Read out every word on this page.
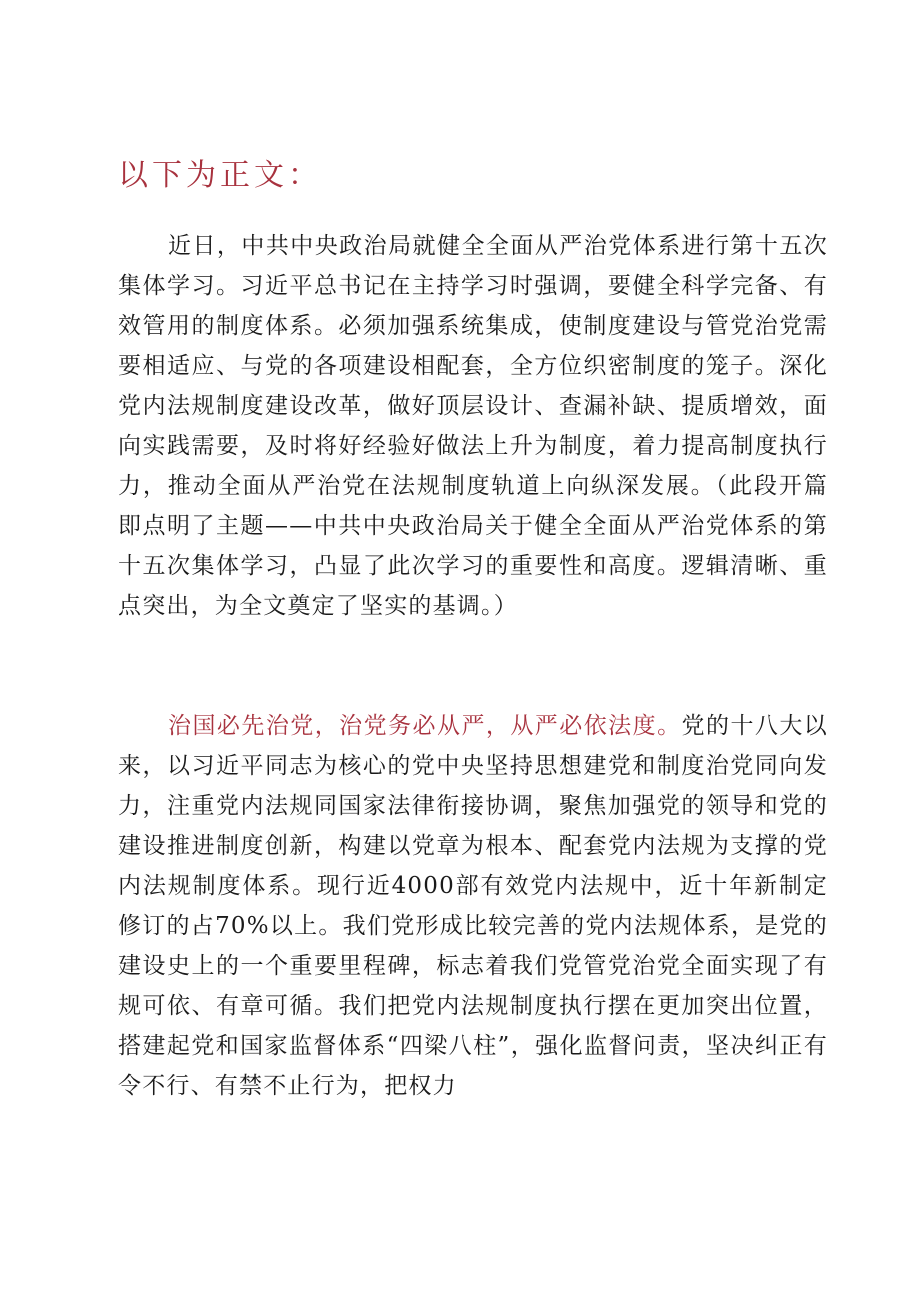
以下为正文：

近日，中共中央政治局就健全全面从严治党体系进行第十五次集体学习。习近平总书记在主持学习时强调，要健全科学完备、有效管用的制度体系。必须加强系统集成，使制度建设与管党治党需要相适应、与党的各项建设相配套，全方位织密制度的笼子。深化党内法规制度建设改革，做好顶层设计、查漏补缺、提质增效，面向实践需要，及时将好经验好做法上升为制度，着力提高制度执行力，推动全面从严治党在法规制度轨道上向纵深发展。（此段开篇即点明了主题——中共中央政治局关于健全全面从严治党体系的第十五次集体学习，凸显了此次学习的重要性和高度。逻辑清晰、重点突出，为全文奠定了坚实的基调。）

治国必先治党，治党务必从严，从严必依法度。党的十八大以来，以习近平同志为核心的党中央坚持思想建党和制度治党同向发力，注重党内法规同国家法律衔接协调，聚焦加强党的领导和党的建设推进制度创新，构建以党章为根本、配套党内法规为支撑的党内法规制度体系。现行近4000部有效党内法规中，近十年新制定修订的占70%以上。我们党形成比较完善的党内法规体系，是党的建设史上的一个重要里程碑，标志着我们党管党治党全面实现了有规可依、有章可循。我们把党内法规制度执行摆在更加突出位置，搭建起党和国家监督体系“四梁八柱”，强化监督问责，坚决纠正有令不行、有禁不止行为，把权力
